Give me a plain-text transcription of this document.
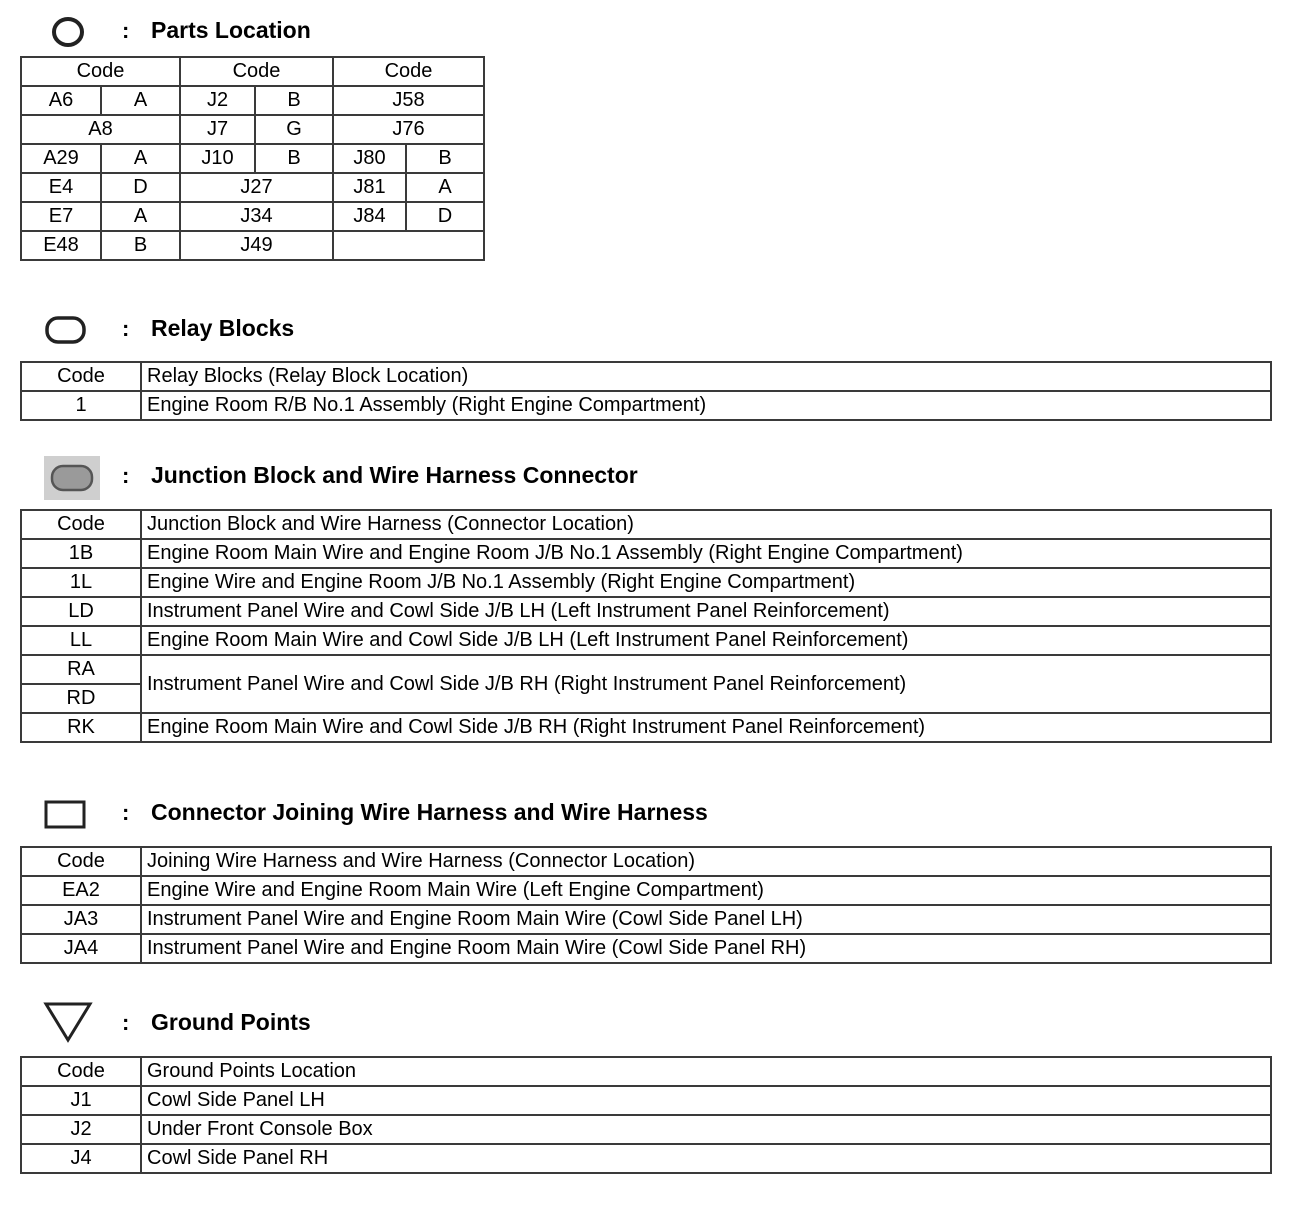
: Parts Location
Code		Code		Code	
A6	A	J2	B	J58	
A8		J7	G	J76	
A29	A	J10	B	J80	B
E4	D	J27		J81	A
E7	A	J34		J84	D
E48	B	J49			
: Relay Blocks
Code	Relay Blocks (Relay Block Location)
1	Engine Room R/B No.1 Assembly (Right Engine Compartment)
: Junction Block and Wire Harness Connector
Code	Junction Block and Wire Harness (Connector Location)
1B	Engine Room Main Wire and Engine Room J/B No.1 Assembly (Right Engine Compartment)
1L	Engine Wire and Engine Room J/B No.1 Assembly (Right Engine Compartment)
LD	Instrument Panel Wire and Cowl Side J/B LH (Left Instrument Panel Reinforcement)
LL	Engine Room Main Wire and Cowl Side J/B LH (Left Instrument Panel Reinforcement)
RA	Instrument Panel Wire and Cowl Side J/B RH (Right Instrument Panel Reinforcement)
RD	
RK	Engine Room Main Wire and Cowl Side J/B RH (Right Instrument Panel Reinforcement)
: Connector Joining Wire Harness and Wire Harness
Code	Joining Wire Harness and Wire Harness (Connector Location)
EA2	Engine Wire and Engine Room Main Wire (Left Engine Compartment)
JA3	Instrument Panel Wire and Engine Room Main Wire (Cowl Side Panel LH)
JA4	Instrument Panel Wire and Engine Room Main Wire (Cowl Side Panel RH)
: Ground Points
Code	Ground Points Location
J1	Cowl Side Panel LH
J2	Under Front Console Box
J4	Cowl Side Panel RH
